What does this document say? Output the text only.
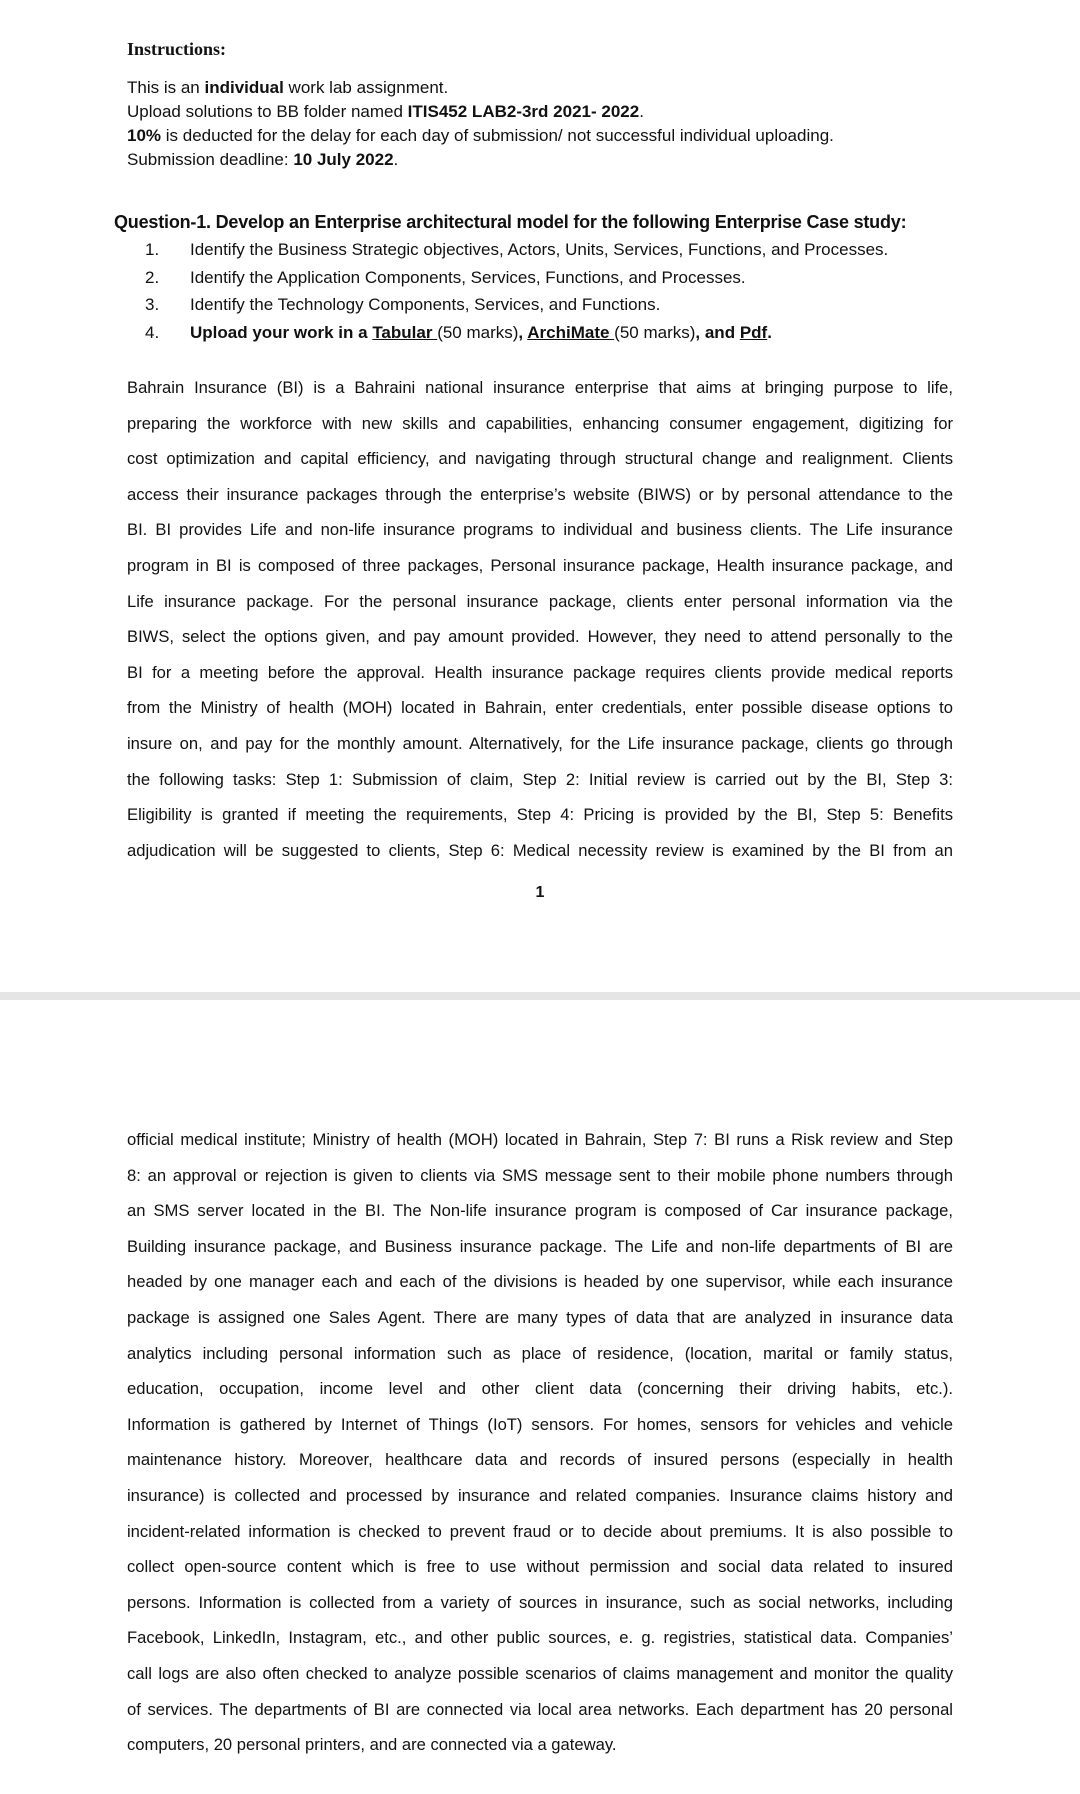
Instructions:
This is an individual work lab assignment.
Upload solutions to BB folder named ITIS452 LAB2-3rd 2021- 2022.
10% is deducted for the delay for each day of submission/ not successful individual uploading.
Submission deadline: 10 July 2022.
Question-1. Develop an Enterprise architectural model for the following Enterprise Case study:
1.	Identify the Business Strategic objectives, Actors, Units, Services, Functions, and Processes.
2.	Identify the Application Components, Services, Functions, and Processes.
3.	Identify the Technology Components, Services, and Functions.
4.	Upload your work in a Tabular (50 marks), ArchiMate (50 marks), and Pdf.
Bahrain Insurance (BI) is a Bahraini national insurance enterprise that aims at bringing purpose to life,
preparing the workforce with new skills and capabilities, enhancing consumer engagement, digitizing for
cost optimization and capital efficiency, and navigating through structural change and realignment. Clients
access their insurance packages through the enterprise’s website (BIWS) or by personal attendance to the
BI. BI provides Life and non-life insurance programs to individual and business clients. The Life insurance
program in BI is composed of three packages, Personal insurance package, Health insurance package, and
Life insurance package. For the personal insurance package, clients enter personal information via the
BIWS, select the options given, and pay amount provided. However, they need to attend personally to the
BI for a meeting before the approval. Health insurance package requires clients provide medical reports
from the Ministry of health (MOH) located in Bahrain, enter credentials, enter possible disease options to
insure on, and pay for the monthly amount. Alternatively, for the Life insurance package, clients go through
the following tasks: Step 1: Submission of claim, Step 2: Initial review is carried out by the BI, Step 3:
Eligibility is granted if meeting the requirements, Step 4: Pricing is provided by the BI, Step 5: Benefits
adjudication will be suggested to clients, Step 6: Medical necessity review is examined by the BI from an
1
official medical institute; Ministry of health (MOH) located in Bahrain, Step 7: BI runs a Risk review and Step
8: an approval or rejection is given to clients via SMS message sent to their mobile phone numbers through
an SMS server located in the BI. The Non-life insurance program is composed of Car insurance package,
Building insurance package, and Business insurance package. The Life and non-life departments of BI are
headed by one manager each and each of the divisions is headed by one supervisor, while each insurance
package is assigned one Sales Agent. There are many types of data that are analyzed in insurance data
analytics including personal information such as place of residence, (location, marital or family status,
education, occupation, income level and other client data (concerning their driving habits, etc.).
Information is gathered by Internet of Things (IoT) sensors. For homes, sensors for vehicles and vehicle
maintenance history. Moreover, healthcare data and records of insured persons (especially in health
insurance) is collected and processed by insurance and related companies. Insurance claims history and
incident-related information is checked to prevent fraud or to decide about premiums. It is also possible to
collect open-source content which is free to use without permission and social data related to insured
persons. Information is collected from a variety of sources in insurance, such as social networks, including
Facebook, LinkedIn, Instagram, etc., and other public sources, e. g. registries, statistical data. Companies’
call logs are also often checked to analyze possible scenarios of claims management and monitor the quality
of services. The departments of BI are connected via local area networks. Each department has 20 personal
computers, 20 personal printers, and are connected via a gateway.
